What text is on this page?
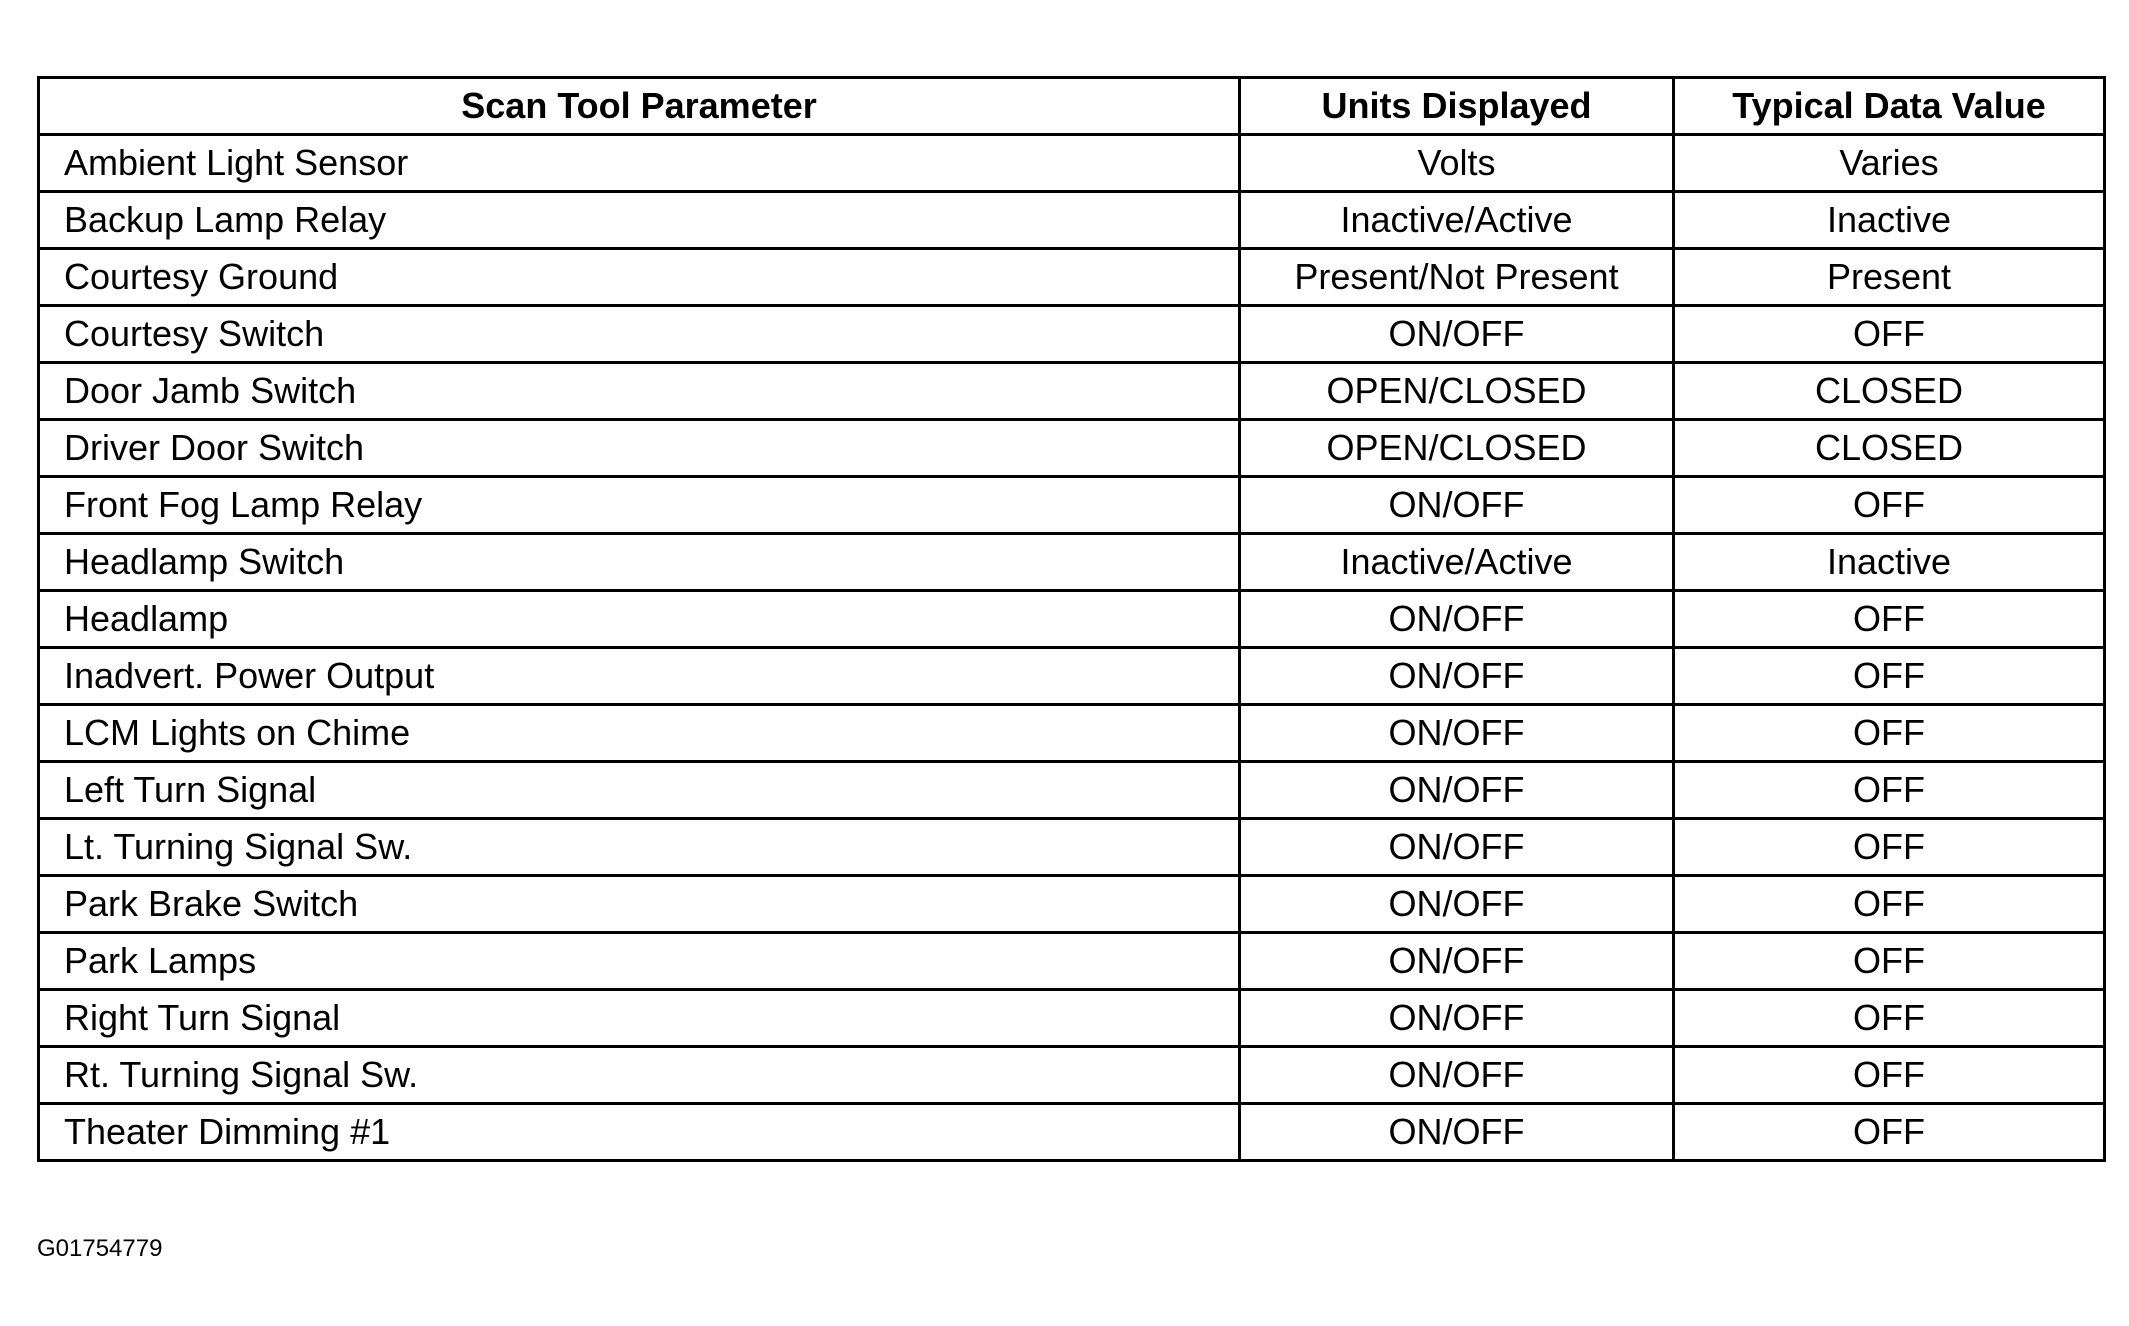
Scan Tool Parameter	Units Displayed	Typical Data Value
Ambient Light Sensor	Volts	Varies
Backup Lamp Relay	Inactive/Active	Inactive
Courtesy Ground	Present/Not Present	Present
Courtesy Switch	ON/OFF	OFF
Door Jamb Switch	OPEN/CLOSED	CLOSED
Driver Door Switch	OPEN/CLOSED	CLOSED
Front Fog Lamp Relay	ON/OFF	OFF
Headlamp Switch	Inactive/Active	Inactive
Headlamp	ON/OFF	OFF
Inadvert. Power Output	ON/OFF	OFF
LCM Lights on Chime	ON/OFF	OFF
Left Turn Signal	ON/OFF	OFF
Lt. Turning Signal Sw.	ON/OFF	OFF
Park Brake Switch	ON/OFF	OFF
Park Lamps	ON/OFF	OFF
Right Turn Signal	ON/OFF	OFF
Rt. Turning Signal Sw.	ON/OFF	OFF
Theater Dimming #1	ON/OFF	OFF
G01754779
